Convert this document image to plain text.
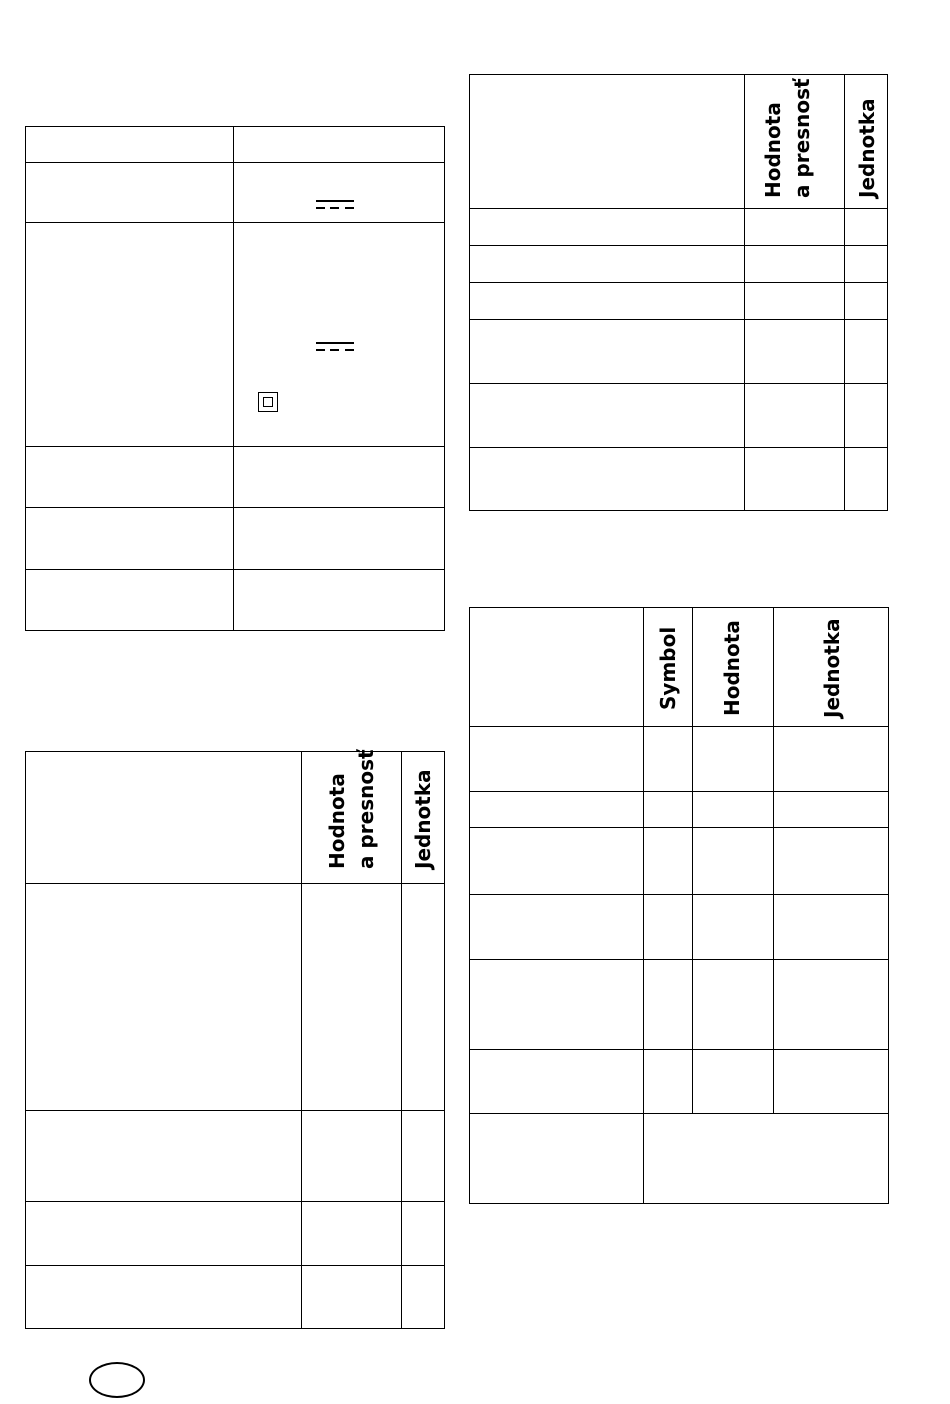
Hodnota a presnosť Jednotka
Hodnota a presnosť Jednotka
Symbol Hodnota	Jednotka
